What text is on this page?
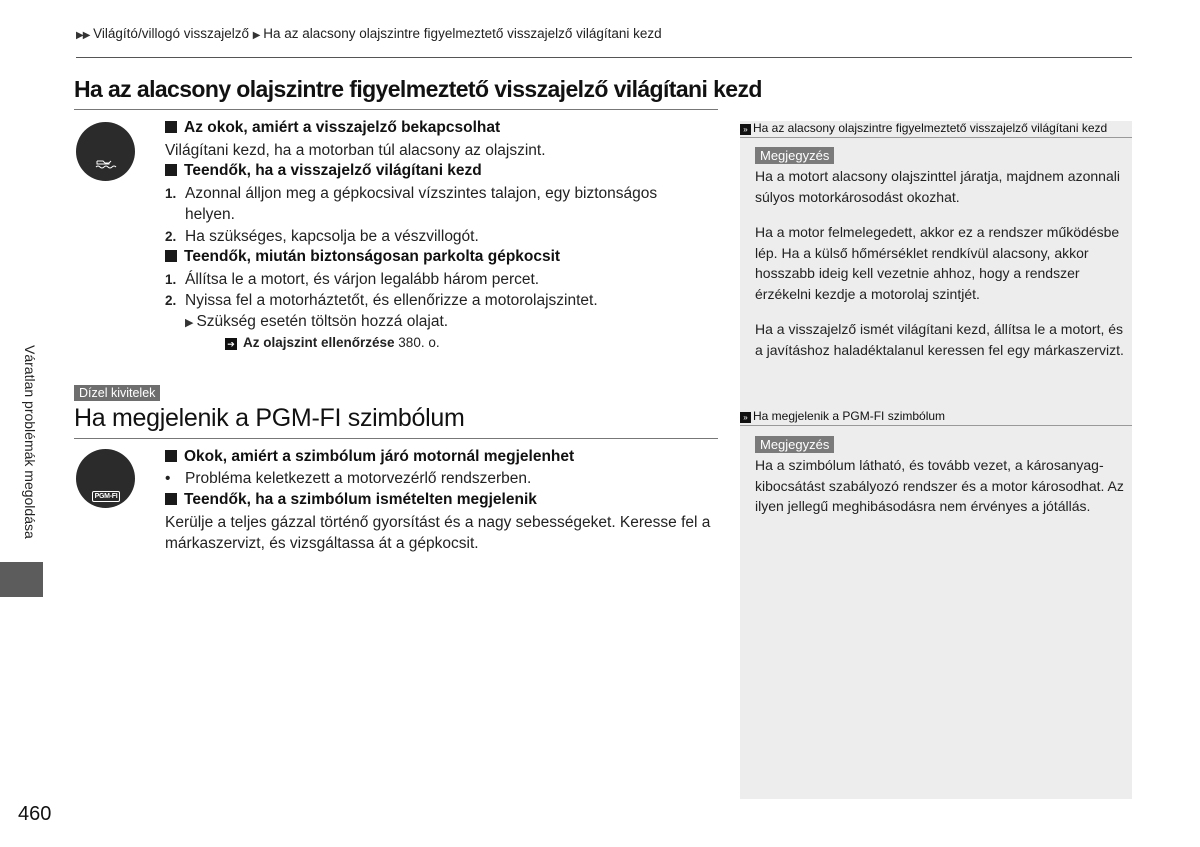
▶▶ Világító/villogó visszajelző ▶ Ha az alacsony olajszintre figyelmeztető visszajelző világítani kezd
Ha az alacsony olajszintre figyelmeztető visszajelző világítani kezd
Az okok, amiért a visszajelző bekapcsolhat
Világítani kezd, ha a motorban túl alacsony az olajszint.
Teendők, ha a visszajelző világítani kezd
1. Azonnal álljon meg a gépkocsival vízszintes talajon, egy biztonságos
helyen.
2. Ha szükséges, kapcsolja be a vészvillogót.
Teendők, miután biztonságosan parkolta gépkocsit
1. Állítsa le a motort, és várjon legalább három percet.
2. Nyissa fel a motorháztetőt, és ellenőrizze a motorolajszintet.
▶ Szükség esetén töltsön hozzá olajat.
➔ Az olajszint ellenőrzése 380. o.
Dízel kivitelek
Ha megjelenik a PGM-FI szimbólum
PGM-FI
Okok, amiért a szimbólum járó motornál megjelenhet
• Probléma keletkezett a motorvezérlő rendszerben.
Teendők, ha a szimbólum ismételten megjelenik
Kerülje a teljes gázzal történő gyorsítást és a nagy sebességeket. Keresse fel a
márkaszervizt, és vizsgáltassa át a gépkocsit.
» Ha az alacsony olajszintre figyelmeztető visszajelző világítani kezd
Megjegyzés
Ha a motort alacsony olajszinttel járatja, majdnem azonnali súlyos motorkárosodást okozhat.
Ha a motor felmelegedett, akkor ez a rendszer működésbe lép. Ha a külső hőmérséklet rendkívül alacsony, akkor hosszabb ideig kell vezetnie ahhoz, hogy a rendszer érzékelni kezdje a motorolaj szintjét.
Ha a visszajelző ismét világítani kezd, állítsa le a motort, és a javításhoz haladéktalanul keressen fel egy márkaszervizt.
» Ha megjelenik a PGM-FI szimbólum
Megjegyzés
Ha a szimbólum látható, és tovább vezet, a károsanyag-kibocsátást szabályozó rendszer és a motor károsodhat. Az ilyen jellegű meghibásodásra nem érvényes a jótállás.
Váratlan problémák megoldása
460
